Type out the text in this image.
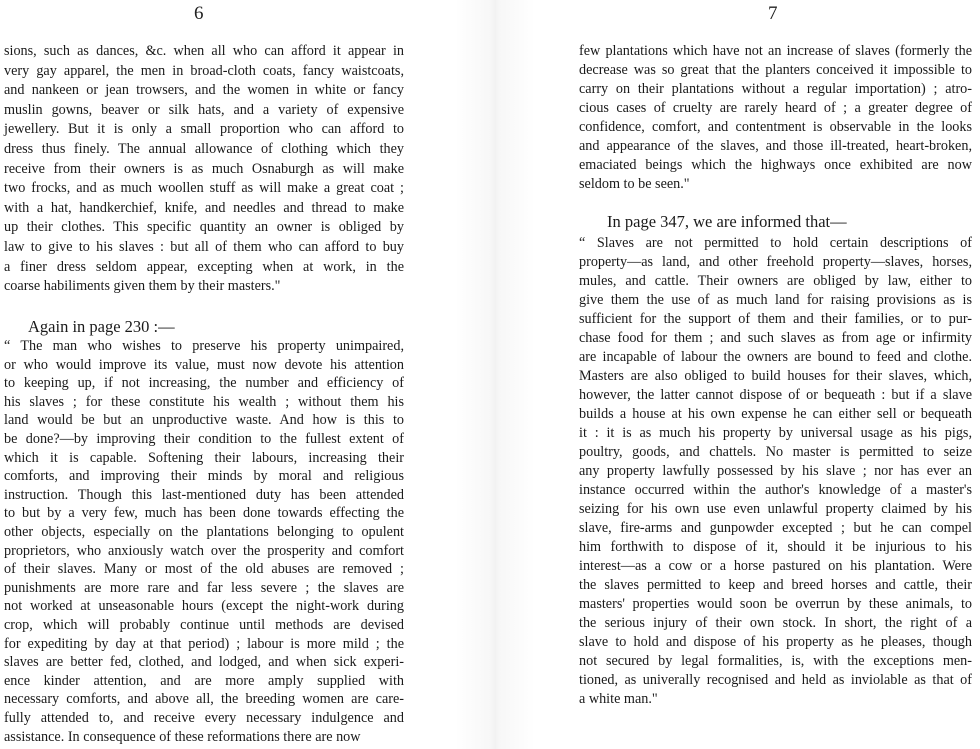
6
sions, such as dances, &c. when all who can afford it appear in
very gay apparel, the men in broad-cloth coats, fancy waistcoats,
and nankeen or jean trowsers, and the women in white or fancy
muslin gowns, beaver or silk hats, and a variety of expensive
jewellery. But it is only a small proportion who can afford to
dress thus finely. The annual allowance of clothing which they
receive from their owners is as much Osnaburgh as will make
two frocks, and as much woollen stuff as will make a great coat ;
with a hat, handkerchief, knife, and needles and thread to make
up their clothes. This specific quantity an owner is obliged by
law to give to his slaves : but all of them who can afford to buy
a finer dress seldom appear, excepting when at work, in the
coarse habiliments given them by their masters."
Again in page 230 :—
“ The man who wishes to preserve his property unimpaired,
or who would improve its value, must now devote his attention
to keeping up, if not increasing, the number and efficiency of
his slaves ; for these constitute his wealth ; without them his
land would be but an unproductive waste. And how is this to
be done?—by improving their condition to the fullest extent of
which it is capable. Softening their labours, increasing their
comforts, and improving their minds by moral and religious
instruction. Though this last-mentioned duty has been attended
to but by a very few, much has been done towards effecting the
other objects, especially on the plantations belonging to opulent
proprietors, who anxiously watch over the prosperity and comfort
of their slaves. Many or most of the old abuses are removed ;
punishments are more rare and far less severe ; the slaves are
not worked at unseasonable hours (except the night-work during
crop, which will probably continue until methods are devised
for expediting by day at that period) ; labour is more mild ; the
slaves are better fed, clothed, and lodged, and when sick experi-
ence kinder attention, and are more amply supplied with
necessary comforts, and above all, the breeding women are care-
fully attended to, and receive every necessary indulgence and
assistance. In consequence of these reformations there are now
7
few plantations which have not an increase of slaves (formerly the
decrease was so great that the planters conceived it impossible to
carry on their plantations without a regular importation) ; atro-
cious cases of cruelty are rarely heard of ; a greater degree of
confidence, comfort, and contentment is observable in the looks
and appearance of the slaves, and those ill-treated, heart-broken,
emaciated beings which the highways once exhibited are now
seldom to be seen."
In page 347, we are informed that—
“ Slaves are not permitted to hold certain descriptions of
property—as land, and other freehold property—slaves, horses,
mules, and cattle. Their owners are obliged by law, either to
give them the use of as much land for raising provisions as is
sufficient for the support of them and their families, or to pur-
chase food for them ; and such slaves as from age or infirmity
are incapable of labour the owners are bound to feed and clothe.
Masters are also obliged to build houses for their slaves, which,
however, the latter cannot dispose of or bequeath : but if a slave
builds a house at his own expense he can either sell or bequeath
it : it is as much his property by universal usage as his pigs,
poultry, goods, and chattels. No master is permitted to seize
any property lawfully possessed by his slave ; nor has ever an
instance occurred within the author's knowledge of a master's
seizing for his own use even unlawful property claimed by his
slave, fire-arms and gunpowder excepted ; but he can compel
him forthwith to dispose of it, should it be injurious to his
interest—as a cow or a horse pastured on his plantation. Were
the slaves permitted to keep and breed horses and cattle, their
masters' properties would soon be overrun by these animals, to
the serious injury of their own stock. In short, the right of a
slave to hold and dispose of his property as he pleases, though
not secured by legal formalities, is, with the exceptions men-
tioned, as univerally recognised and held as inviolable as that of
a white man."
